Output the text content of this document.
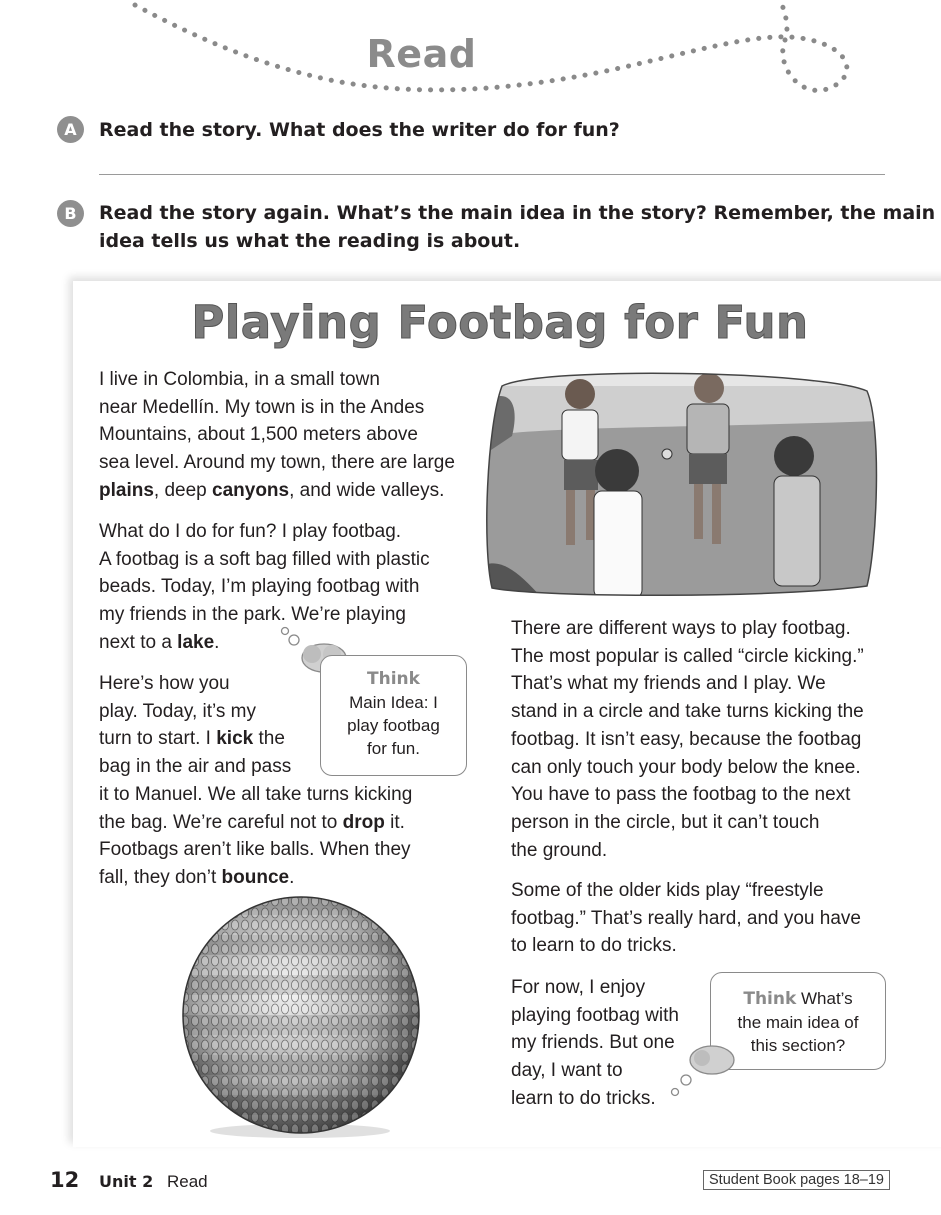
Read
A	Read the story. What does the writer do for fun?
B	Read the story again. What’s the main idea in the story? Remember, the main
idea tells us what the reading is about.
Playing Footbag for Fun
I live in Colombia, in a small town
near Medellín. My town is in the Andes
Mountains, about 1,500 meters above
sea level. Around my town, there are large
plains, deep canyons, and wide valleys.
What do I do for fun? I play footbag.
A footbag is a soft bag filled with plastic
beads. Today, I’m playing footbag with
my friends in the park. We’re playing
next to a lake.
Here’s how you
play. Today, it’s my
turn to start. I kick the
bag in the air and pass
it to Manuel. We all take turns kicking
the bag. We’re careful not to drop it.
Footbags aren’t like balls. When they
fall, they don’t bounce.
Think
Main Idea: I
play footbag
for fun.
There are different ways to play footbag.
The most popular is called “circle kicking.”
That’s what my friends and I play. We
stand in a circle and take turns kicking the
footbag. It isn’t easy, because the footbag
can only touch your body below the knee.
You have to pass the footbag to the next
person in the circle, but it can’t touch
the ground.
Some of the older kids play “freestyle
footbag.” That’s really hard, and you have
to learn to do tricks.
For now, I enjoy
playing footbag with
my friends. But one
day, I want to
learn to do tricks.
Think What’s
the main idea of
this section?
12 Unit 2 Read	Student Book pages 18–19
